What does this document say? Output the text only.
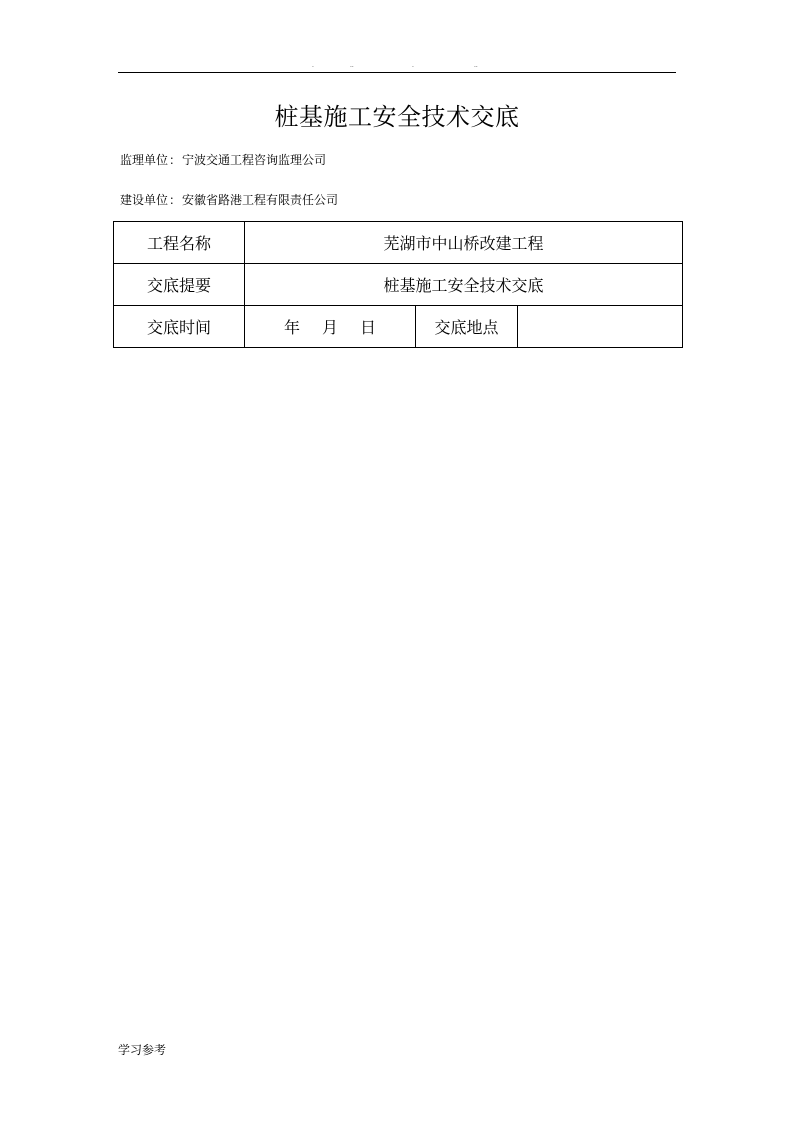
.	..	.	..
桩基施工安全技术交底
监理单位：宁波交通工程咨询监理公司
建设单位：安徽省路港工程有限责任公司
工程名称	芜湖市中山桥改建工程		
交底提要	桩基施工安全技术交底		
交底时间	年 月 日	交底地点	
学习参考
